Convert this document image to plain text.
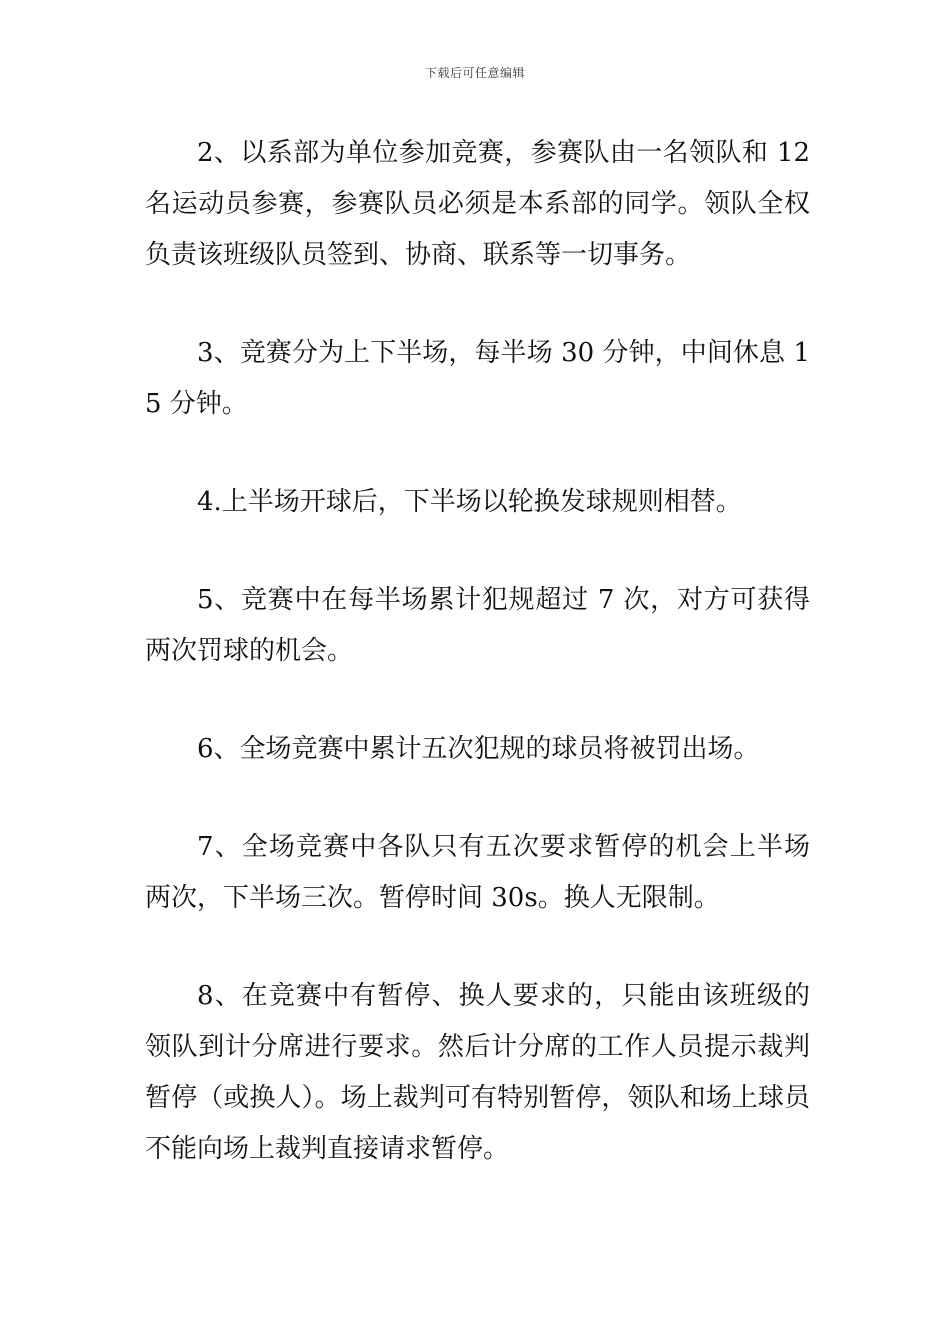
下载后可任意编辑

2、以系部为单位参加竞赛，参赛队由一名领队和 12 名运动员参赛，参赛队员必须是本系部的同学。领队全权负责该班级队员签到、协商、联系等一切事务。

3、竞赛分为上下半场，每半场 30 分钟，中间休息 15 分钟。

4.上半场开球后，下半场以轮换发球规则相替。

5、竞赛中在每半场累计犯规超过 7 次，对方可获得两次罚球的机会。

6、全场竞赛中累计五次犯规的球员将被罚出场。

7、全场竞赛中各队只有五次要求暂停的机会上半场两次，下半场三次。暂停时间 30s。换人无限制。

8、在竞赛中有暂停、换人要求的，只能由该班级的领队到计分席进行要求。然后计分席的工作人员提示裁判暂停（或换人）。场上裁判可有特别暂停，领队和场上球员不能向场上裁判直接请求暂停。
